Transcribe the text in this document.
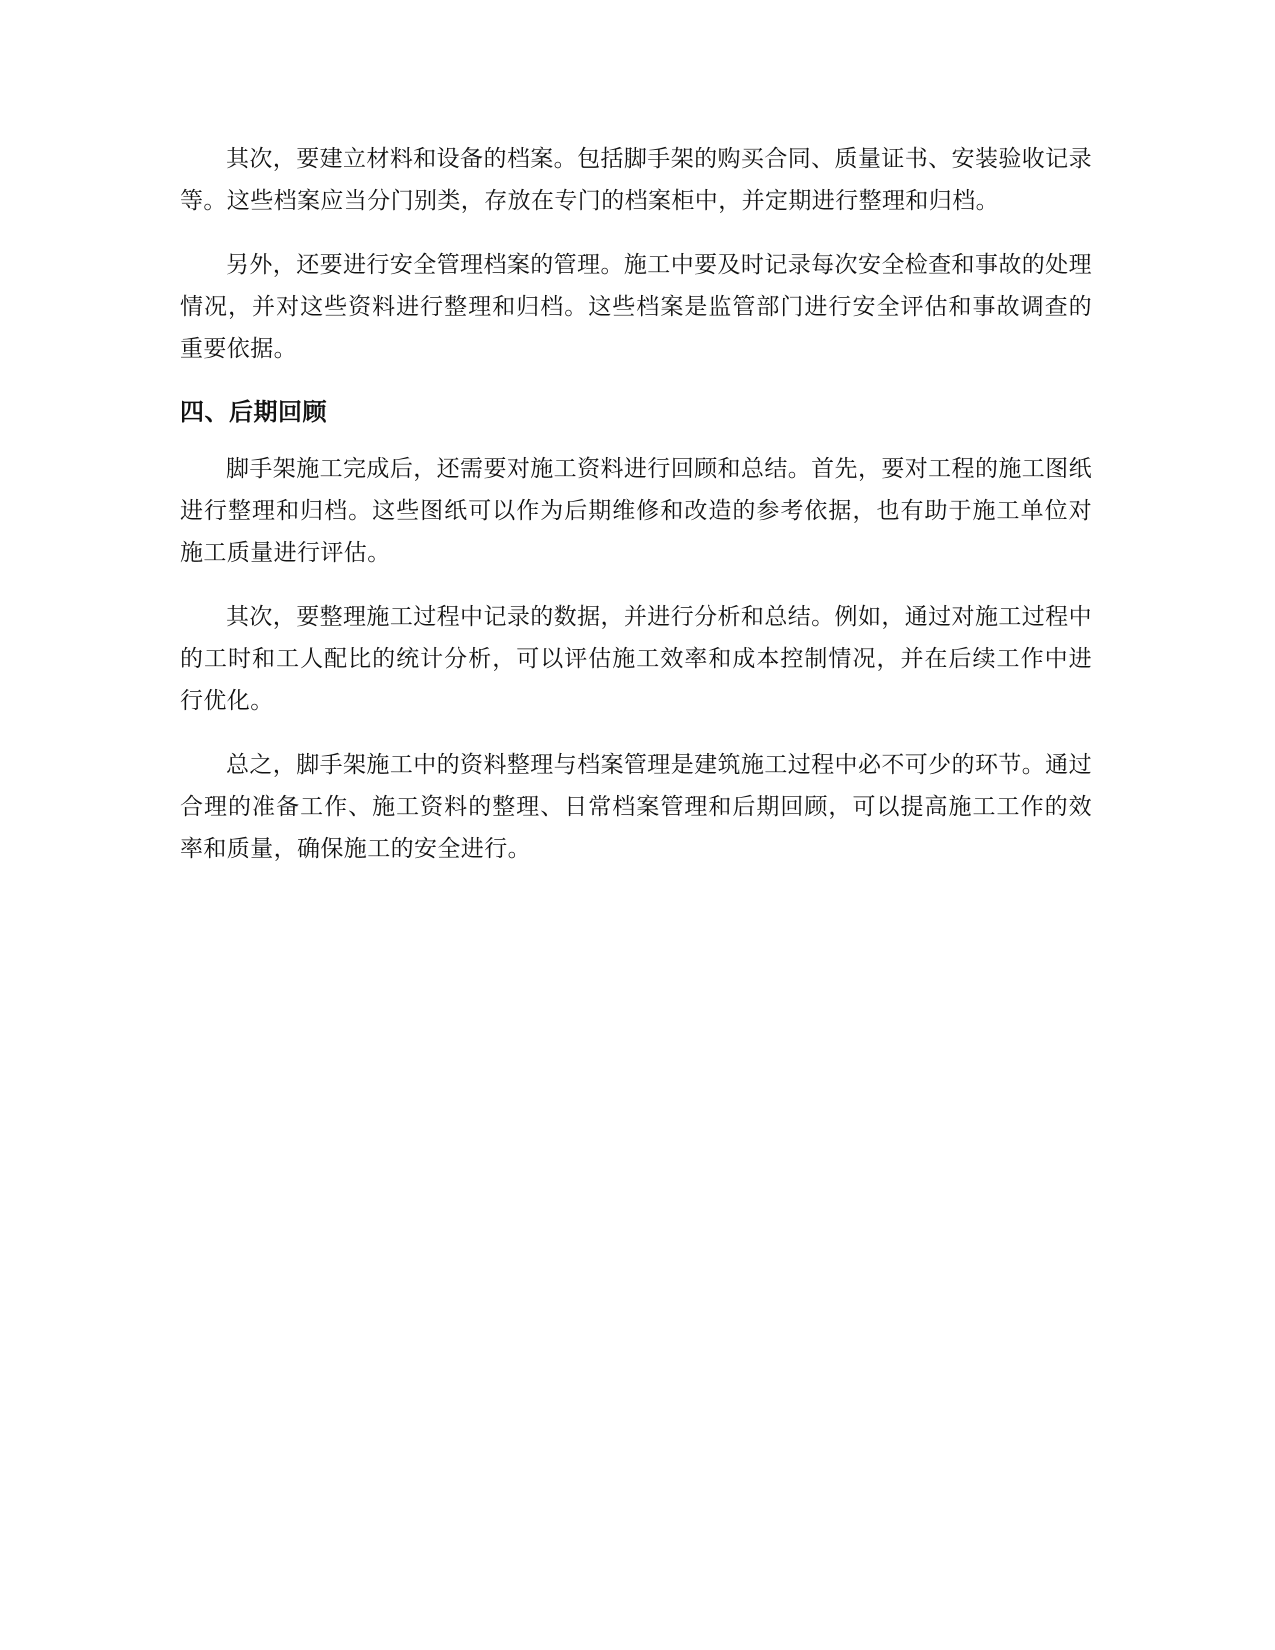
其次，要建立材料和设备的档案。包括脚手架的购买合同、质量证书、安装验收记录等。这些档案应当分门别类，存放在专门的档案柜中，并定期进行整理和归档。

另外，还要进行安全管理档案的管理。施工中要及时记录每次安全检查和事故的处理情况，并对这些资料进行整理和归档。这些档案是监管部门进行安全评估和事故调查的重要依据。

四、后期回顾

脚手架施工完成后，还需要对施工资料进行回顾和总结。首先，要对工程的施工图纸进行整理和归档。这些图纸可以作为后期维修和改造的参考依据，也有助于施工单位对施工质量进行评估。

其次，要整理施工过程中记录的数据，并进行分析和总结。例如，通过对施工过程中的工时和工人配比的统计分析，可以评估施工效率和成本控制情况，并在后续工作中进行优化。

总之，脚手架施工中的资料整理与档案管理是建筑施工过程中必不可少的环节。通过合理的准备工作、施工资料的整理、日常档案管理和后期回顾，可以提高施工工作的效率和质量，确保施工的安全进行。
